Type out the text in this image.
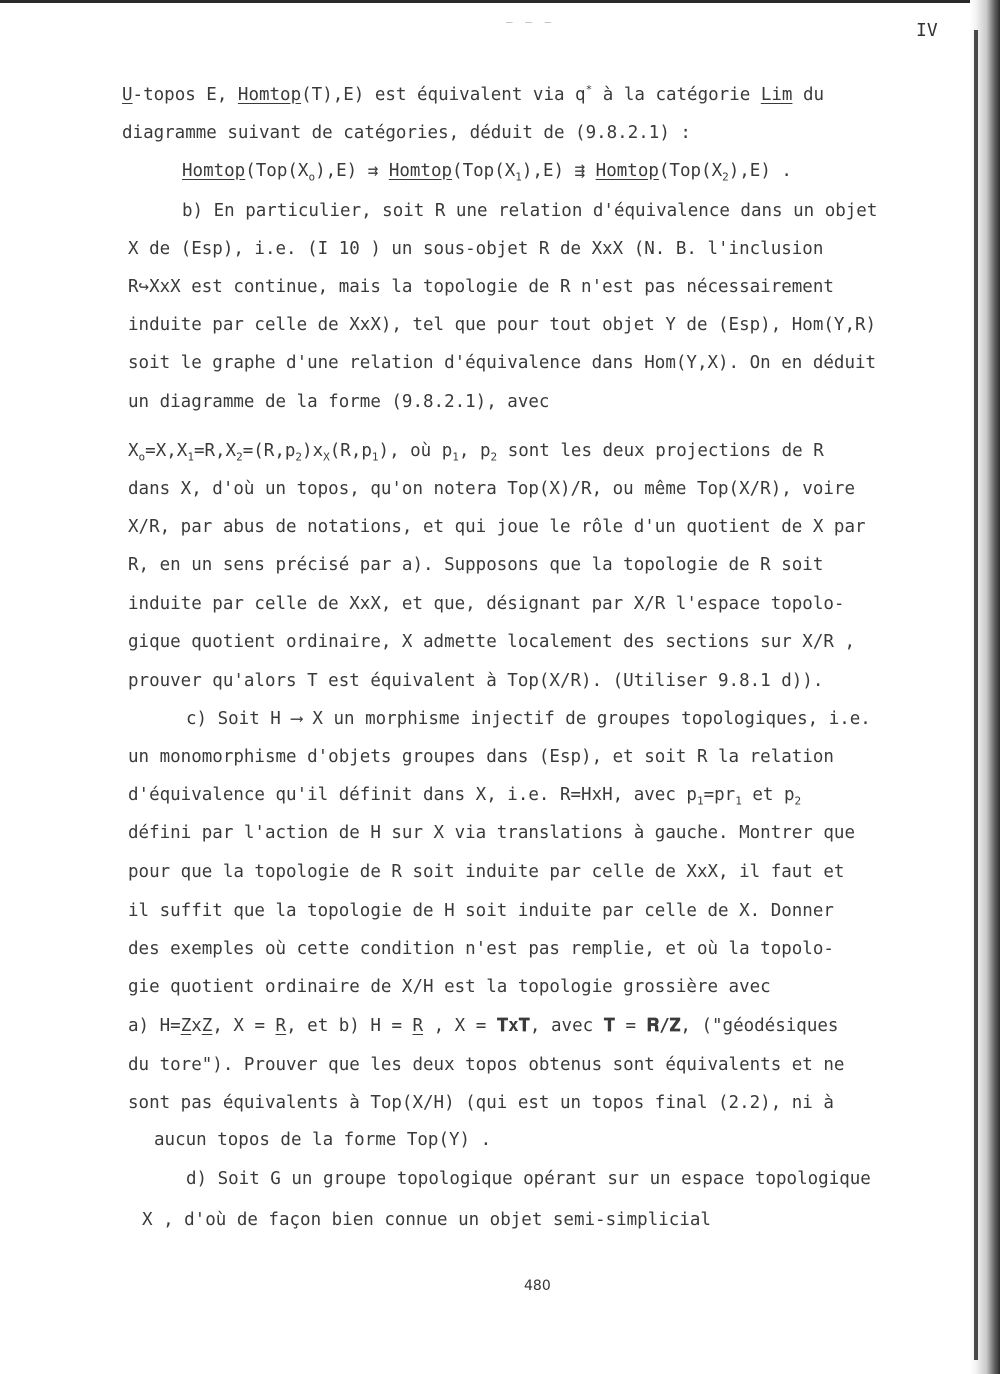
_ _ _
IV
U-topos E, Homtop(T),E) est équivalent via q* à la catégorie Lim du
diagramme suivant de catégories, déduit de (9.8.2.1) :
$Homtop(Top(X_o),E)$ ⇉ $Homtop(Top(X_1),E)$ ⇶ $Homtop(Top(X_2),E)$ .
b) En particulier, soit R une relation d'équivalence dans un objet
X de (Esp), i.e. (I 10 ) un sous-objet R de XxX (N. B. l'inclusion
R↪XxX est continue, mais la topologie de R n'est pas nécessairement
induite par celle de XxX), tel que pour tout objet Y de (Esp), Hom(Y,R)
soit le graphe d'une relation d'équivalence dans Hom(Y,X). On en déduit
un diagramme de la forme (9.8.2.1), avec
$X_o=X,X_1=R,X_2=(R,p_2)x_X(R,p_1)$, où $p_1$, $p_2$ sont les deux projections de R
dans X, d'où un topos, qu'on notera Top(X)/R, ou même Top(X/R), voire
X/R, par abus de notations, et qui joue le rôle d'un quotient de X par
R, en un sens précisé par a). Supposons que la topologie de R soit
induite par celle de XxX, et que, désignant par X/R l'espace topolo-
gique quotient ordinaire, X admette localement des sections sur X/R ,
prouver qu'alors T est équivalent à Top(X/R). (Utiliser 9.8.1 d)).
c) Soit H ⟶ X un morphisme injectif de groupes topologiques, i.e.
un monomorphisme d'objets groupes dans (Esp), et soit R la relation
d'équivalence qu'il définit dans X, i.e. R=HxH, avec $p_1=pr_1$ et $p_2$
défini par l'action de H sur X via translations à gauche. Montrer que
pour que la topologie de R soit induite par celle de XxX, il faut et
il suffit que la topologie de H soit induite par celle de X. Donner
des exemples où cette condition n'est pas remplie, et où la topolo-
gie quotient ordinaire de X/H est la topologie grossière avec
a) H=ZxZ, X = R, et b) H = R , X = 𝐓x𝐓, avec 𝐓 = 𝐑/𝐙, ("géodésiques
du tore"). Prouver que les deux topos obtenus sont équivalents et ne
sont pas équivalents à Top(X/H) (qui est un topos final (2.2), ni à
aucun topos de la forme Top(Y) .
d) Soit G un groupe topologique opérant sur un espace topologique
X , d'où de façon bien connue un objet semi-simplicial
480
